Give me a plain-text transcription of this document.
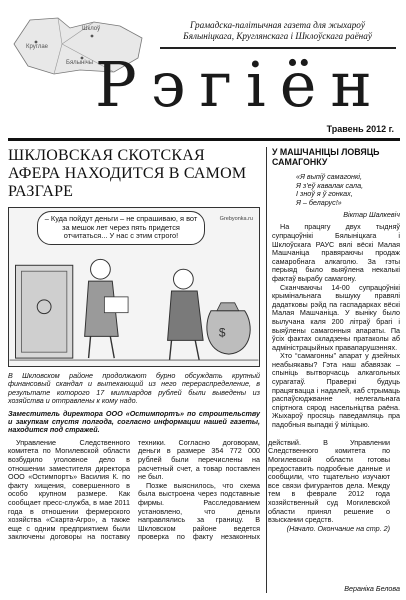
Круглае
Шклоў
Бялынічы
Грамадска-палітычная газета для жыхароў
Бялыніцкага, Круглянскага і Шклоўскага раёнаў
Рэгіён
Травень 2012 г.
ШКЛОВСКАЯ СКОТСКАЯ АФЕРА НАХОДИТСЯ В САМОМ РАЗГАРЕ
$
– Куда пойдут деньги – не спрашиваю, я вот за мешок лет через пять придется отчитаться... У нас с этим строго!
Grebyonka.ru

В Шкловском районе продолжают бурно обсуждать крупный финансовый скандал и вытекающий из него перераспределение, в результате которого 17 миллиардов рублей были выведены из хозяйства и отправлены к кому надо.

Заместитель директора ООО «Остимпортъ» по строительству и закупкам спустя полгода, согласно информации нашей газеты, находится под стражей.

Управление Следственного комитета по Могилевской области возбудило уголовное дело в отношении заместителя директора ООО «Остимпортъ» Василия К. по факту хищения, совершенного в особо крупном размере. Как сообщает пресс-служба, в мае 2011 года в отношении фермерского хозяйства «Скарта-Агро», а также еще с одним предприятием были заключены договоры на поставку техники. Согласно договорам, деньги в размере 354 772 000 рублей были перечислены на расчетный счет, а товар поставлен не был.

Позже выяснилось, что схема была выстроена через подставные фирмы. Расследованием установлено, что деньги направлялись за границу. В Шкловском районе ведется проверка по факту незаконных действий. В Управлении Следственного комитета по Могилевской области готовы предоставить подробные данные и сообщили, что тщательно изучают все связи фигурантов дела. Между тем в феврале 2012 года хозяйственный суд Могилевской области принял решение о взыскании средств.

(Начало. Окончание на стр. 2)
У МАШЧАНІЦЫ ЛОВЯЦЬ САМАГОНКУ
«Я выпіў самагонкі,
Я з'еў кавалак сала,
І зноў я ў гонках,
Я – беларус!»
Віктар Шалкевіч

На працягу двух тыдняў супрацоўнікі Бялыніцкага і Шклоўскага РАУС вялі вёскі Малая Машчаніца правяраючы продаж самаробнага алкаголю. За гэты перыяд было выяўлена некалькі фактаў вырабу самагону.

Сканчваючы 14-00 супрацоўнікі крымінальнага вышуку правялі дадатковы рэйд па гаспадарках вёскі Малая Машчаніца. У выніку было вылучана каля 200 літраў брагі і выяўлены самагонныя апараты. Па ўсіх фактах складзены пратаколы аб адміністрацыйных правапарушэннях.

Хто “самагонны” апарат у дзейных неабыякавы? Гэта наш абавязак – спыніць вытворчасць алкагольных сурагатаў. Праверкі будуць працягвацца і надалей, каб стрымаць распаўсюджванне нелегальнага спіртнога сярод насельніцтва раёна. Жыхароў просяць паведамляць пра падобныя выпадкі ў міліцыю.

Вераніка Белова
